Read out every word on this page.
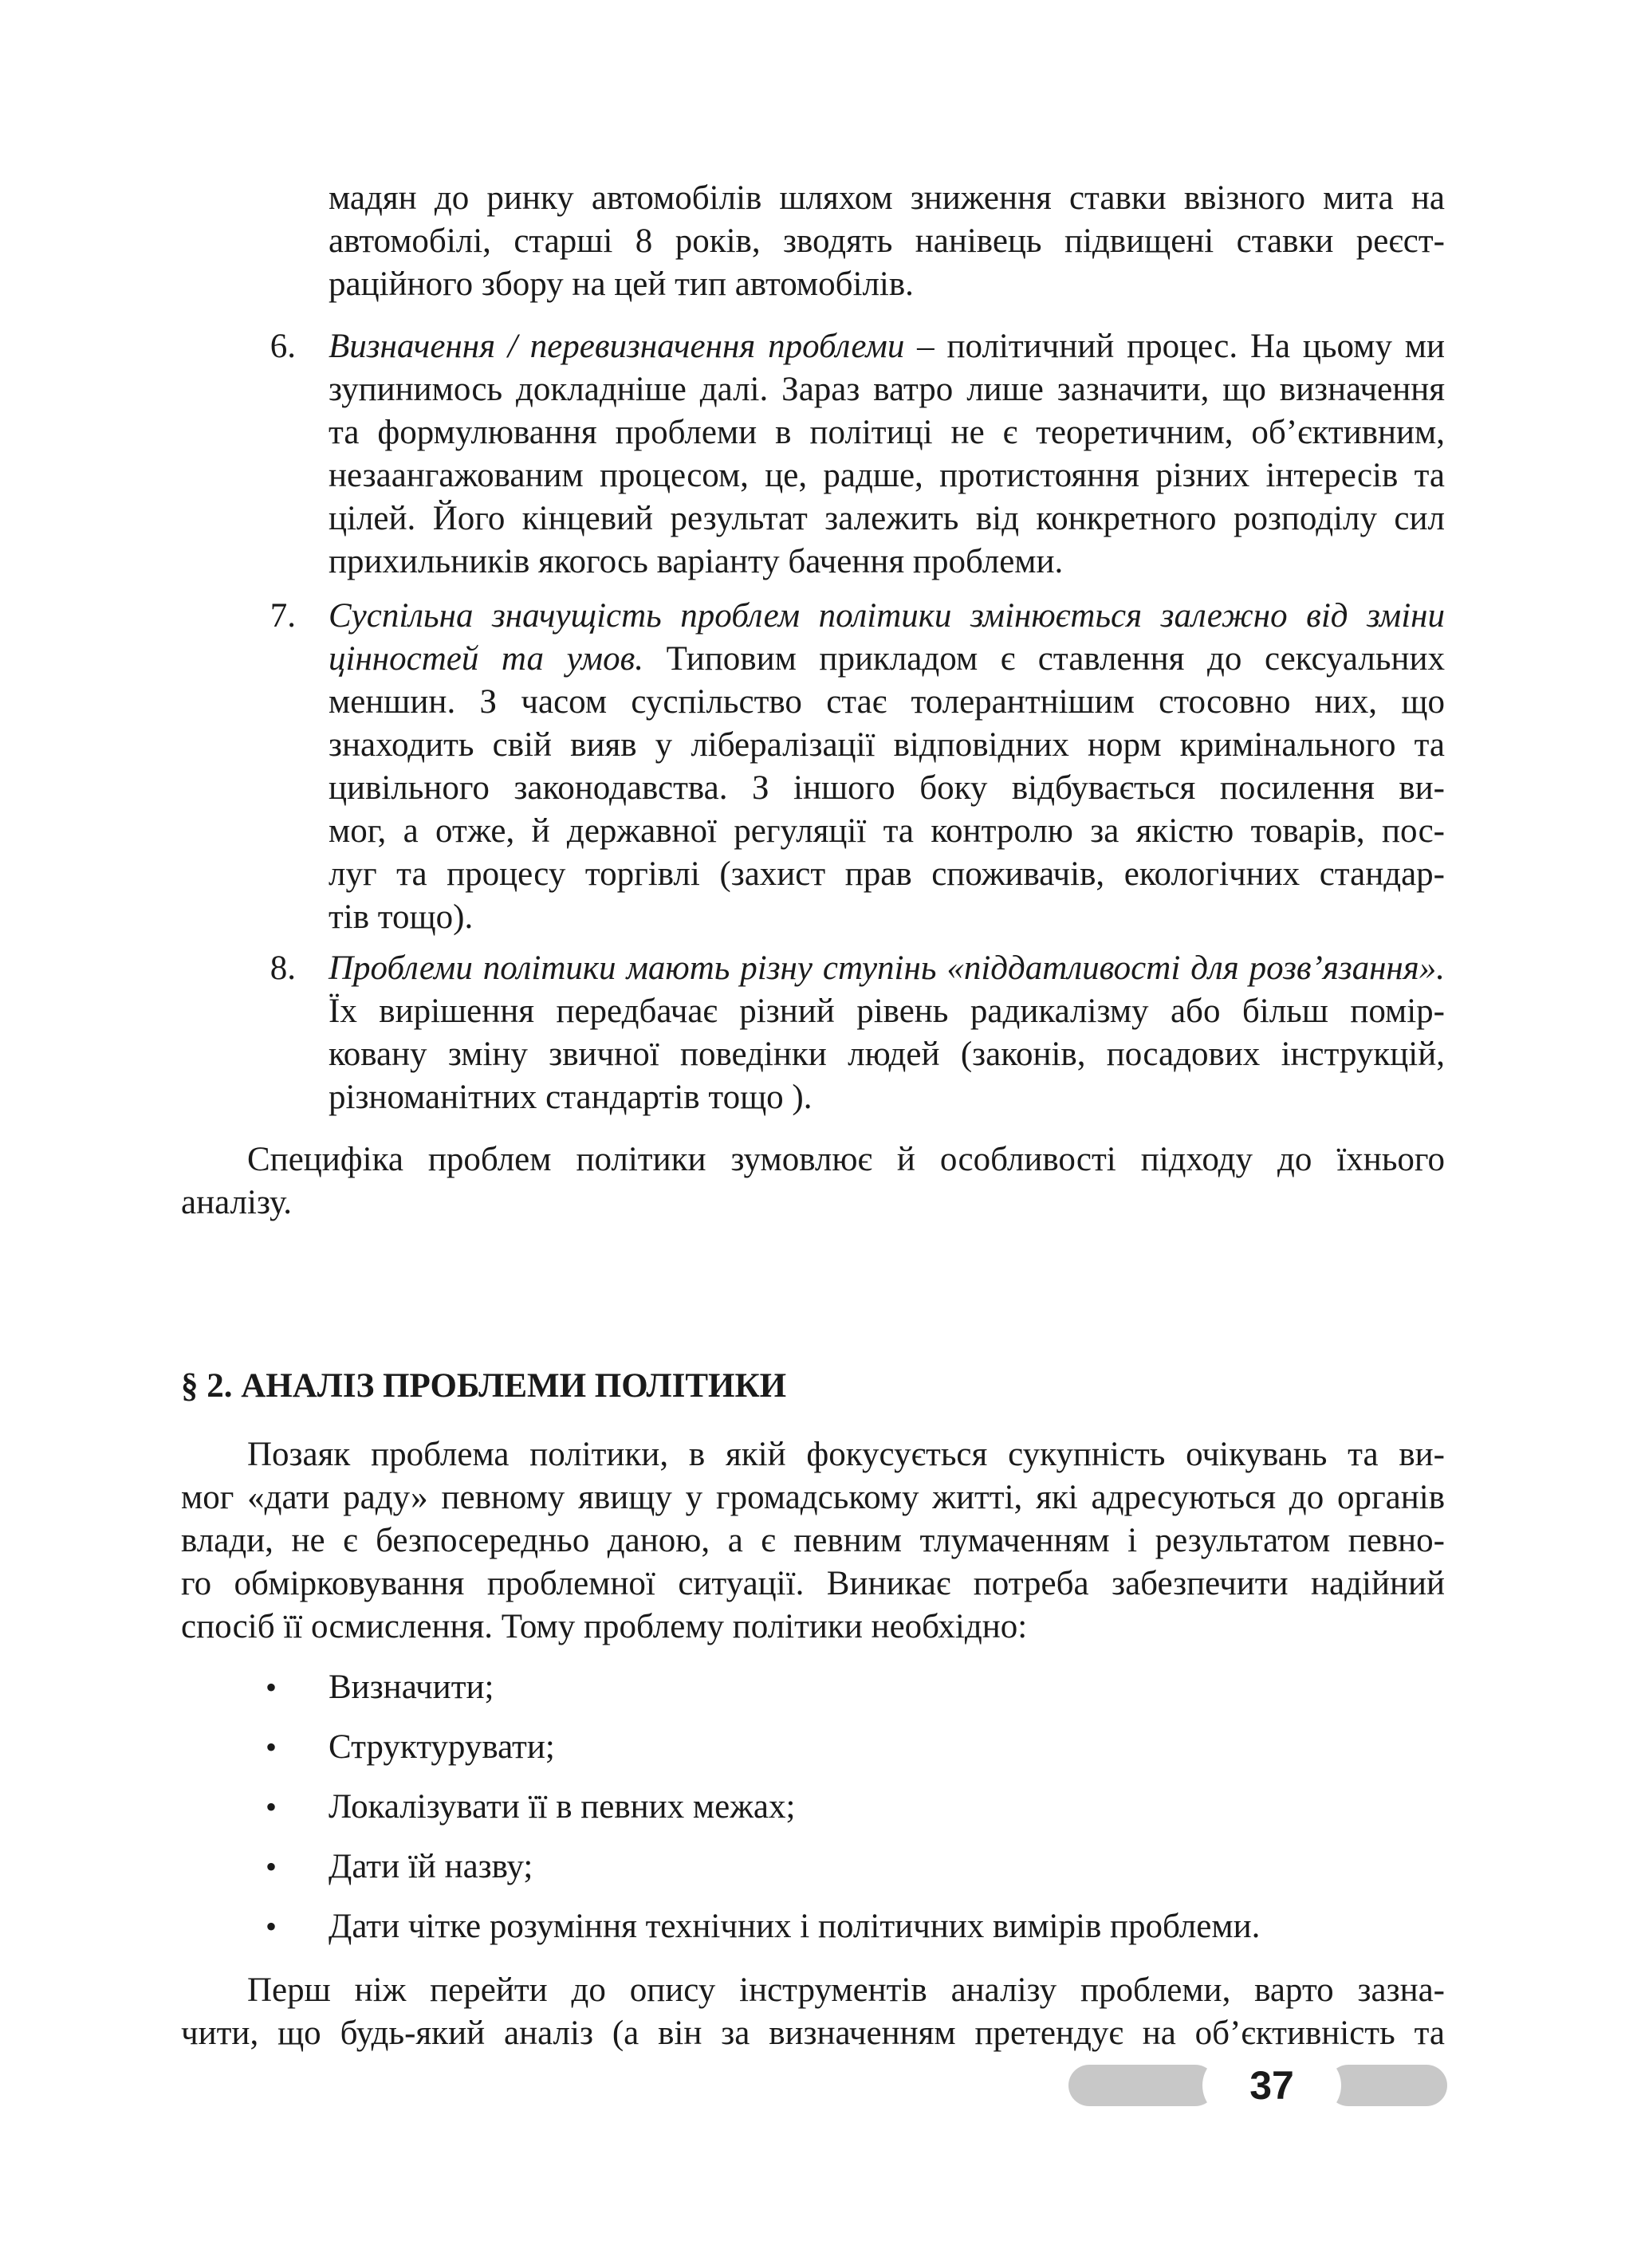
мадян до ринку автомобілів шляхом зниження ставки ввізного мита на
автомобілі, старші 8 років, зводять нанівець підвищені ставки реєст-
раційного збору на цей тип автомобілів.
6. Визначення / перевизначення проблеми – політичний процес. На цьому ми
зупинимось докладніше далі. Зараз ватро лише зазначити, що визначення
та формулювання проблеми в політиці не є теоретичним, об’єктивним,
незаангажованим процесом, це, радше, протистояння різних інтересів та
цілей. Його кінцевий результат залежить від конкретного розподілу сил
прихильників якогось варіанту бачення проблеми.
7. Суспільна значущість проблем політики змінюється залежно від зміни
цінностей та умов. Типовим прикладом є ставлення до сексуальних
меншин. З часом суспільство стає толерантнішим стосовно них, що
знаходить свій вияв у лібералізації відповідних норм кримінального та
цивільного законодавства. З іншого боку відбувається посилення ви-
мог, а отже, й державної регуляції та контролю за якістю товарів, пос-
луг та процесу торгівлі (захист прав споживачів, екологічних стандар-
тів тощо).
8. Проблеми політики мають різну ступінь «піддатливості для розв’язання».
Їх вирішення передбачає різний рівень радикалізму або більш помір-
ковану зміну звичної поведінки людей (законів, посадових інструкцій,
різноманітних стандартів тощо ).
Специфіка проблем політики зумовлює й особливості підходу до їхнього
аналізу.
§ 2. АНАЛІЗ ПРОБЛЕМИ ПОЛІТИКИ
Позаяк проблема політики, в якій фокусується сукупність очікувань та ви-
мог «дати раду» певному явищу у громадському житті, які адресуються до органів
влади, не є безпосередньо даною, а є певним тлумаченням і результатом певно-
го обмірковування проблемної ситуації. Виникає потреба забезпечити надійний
спосіб її осмислення. Тому проблему політики необхідно:
• Визначити;
• Структурувати;
• Локалізувати її в певних межах;
• Дати їй назву;
• Дати чітке розуміння технічних і політичних вимірів проблеми.
Перш ніж перейти до опису інструментів аналізу проблеми, варто зазна-
чити, що будь-який аналіз (а він за визначенням претендує на об’єктивність та
37
